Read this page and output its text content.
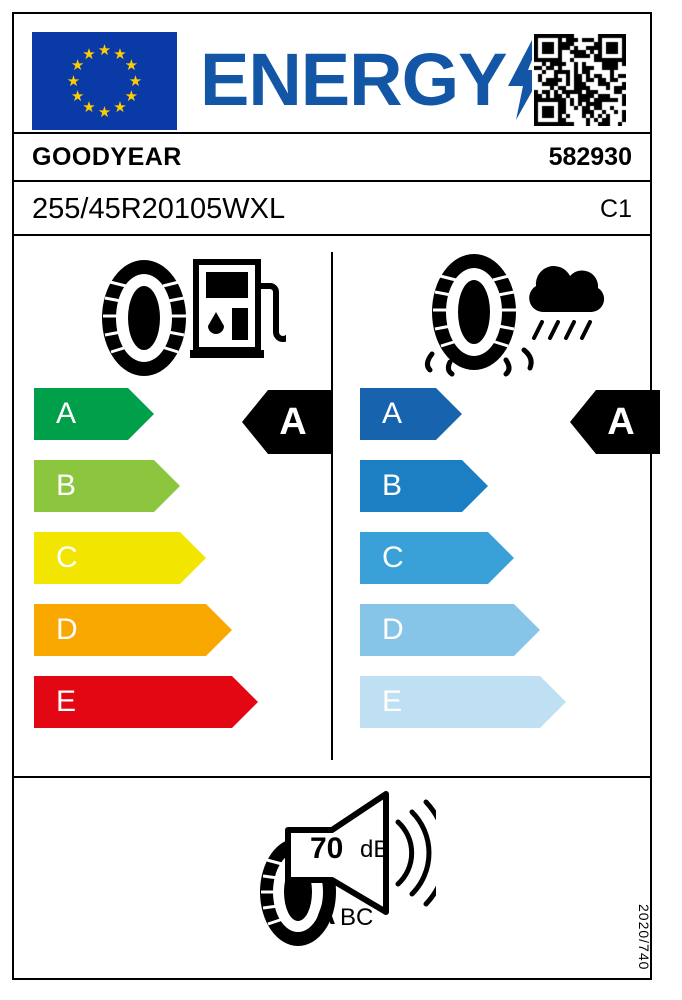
★ ★
★
★
★
★
★
★
★
★
★
★ ENERGY
GOODYEAR	582930
255/45R20105WXL	C1
A
A
B
C
D
E
A
A
B
C
D
E
70 dB
A BC	2020/740
